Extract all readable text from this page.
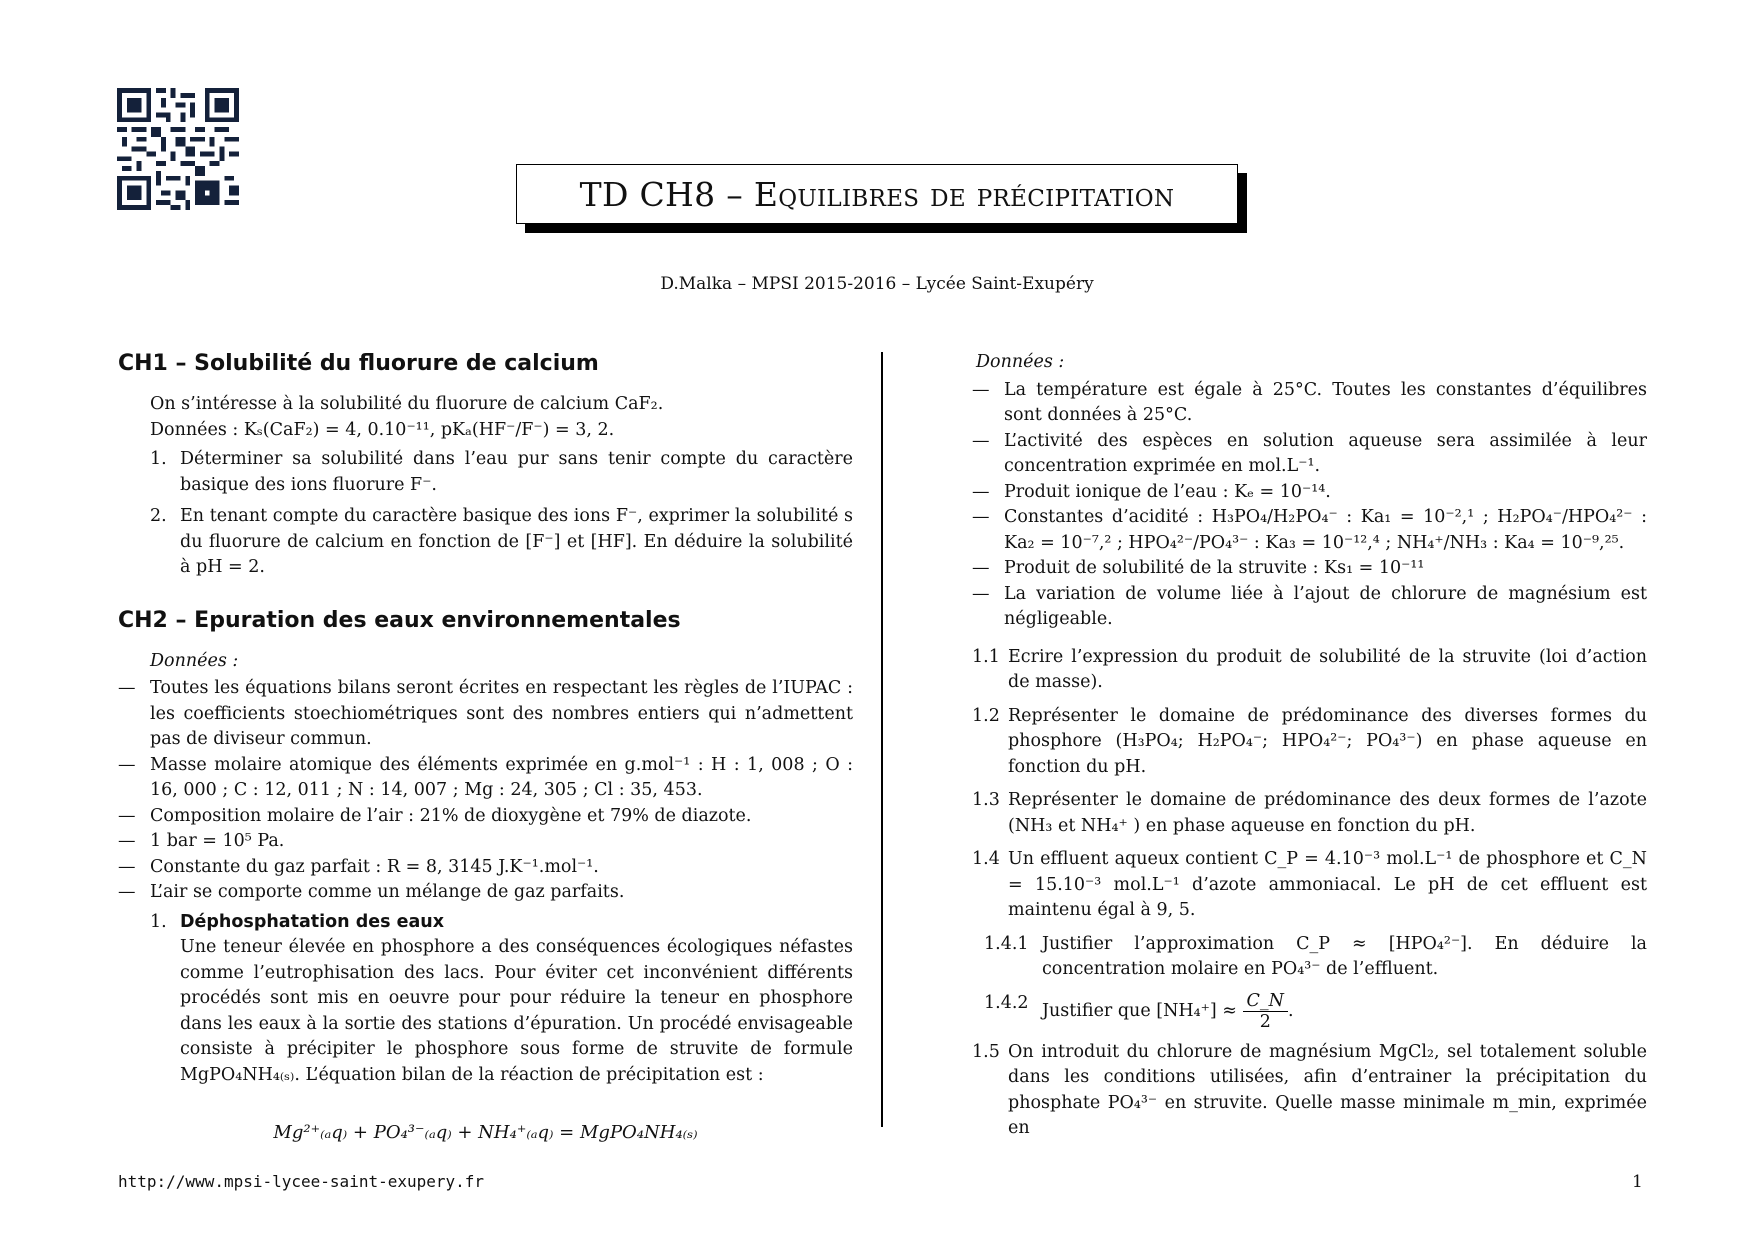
TD CH8 –
Equilibres de précipitation
D.Malka – MPSI 2015-2016 – Lycée Saint-Exupéry
CH1 – Solubilité du fluorure de calcium

On s’intéresse à la solubilité du fluorure de calcium CaF₂.

Données : Kₛ(CaF₂) = 4, 0.10⁻¹¹, pKₐ(HF⁻/F⁻) = 3, 2.

1. Déterminer sa solubilité dans l’eau pur sans tenir compte du caractère basique des ions fluorure F⁻.
2. En tenant compte du caractère basique des ions F⁻, exprimer la solubilité s du fluorure de calcium en fonction de [F⁻] et [HF]. En déduire la solubilité à pH = 2.
CH2 – Epuration des eaux environnementales

Données :

— Toutes les équations bilans seront écrites en respectant les règles de l’IUPAC : les coefficients stoechiométriques sont des nombres entiers qui n’admettent pas de diviseur commun.
— Masse molaire atomique des éléments exprimée en g.mol⁻¹ : H : 1, 008 ; O : 16, 000 ; C : 12, 011 ; N : 14, 007 ; Mg : 24, 305 ; Cl : 35, 453.
— Composition molaire de l’air : 21% de dioxygène et 79% de diazote.
— 1 bar = 10⁵ Pa.
— Constante du gaz parfait : R = 8, 3145 J.K⁻¹.mol⁻¹.
— L’air se comporte comme un mélange de gaz parfaits.
1. Déphosphatation des eaux

Une teneur élevée en phosphore a des conséquences écologiques néfastes comme l’eutrophisation des lacs. Pour éviter cet inconvénient différents procédés sont mis en oeuvre pour pour réduire la teneur en phosphore dans les eaux à la sortie des stations d’épuration. Un procédé envisageable consiste à précipiter le phosphore sous forme de struvite de formule MgPO₄NH₄₍ₛ₎. L’équation bilan de la réaction de précipitation est :

Mg²⁺₍ₐq₎ + PO₄³⁻₍ₐq₎ + NH₄⁺₍ₐq₎ = MgPO₄NH₄₍ₛ₎

Données :

— La température est égale à 25°C. Toutes les constantes d’équilibres sont données à 25°C.
— L’activité des espèces en solution aqueuse sera assimilée à leur concentration exprimée en mol.L⁻¹.
— Produit ionique de l’eau : Kₑ = 10⁻¹⁴.
— Constantes d’acidité : H₃PO₄/H₂PO₄⁻ : Ka₁ = 10⁻²,¹ ; H₂PO₄⁻/HPO₄²⁻ : Ka₂ = 10⁻⁷,² ; HPO₄²⁻/PO₄³⁻ : Ka₃ = 10⁻¹²,⁴ ; NH₄⁺/NH₃ : Ka₄ = 10⁻⁹,²⁵.
— Produit de solubilité de la struvite : Ks₁ = 10⁻¹¹
— La variation de volume liée à l’ajout de chlorure de magnésium est négligeable.
1.1 Ecrire l’expression du produit de solubilité de la struvite (loi d’action de masse).
1.2 Représenter le domaine de prédominance des diverses formes du phosphore (H₃PO₄; H₂PO₄⁻; HPO₄²⁻; PO₄³⁻) en phase aqueuse en fonction du pH.
1.3 Représenter le domaine de prédominance des deux formes de l’azote (NH₃ et NH₄⁺ ) en phase aqueuse en fonction du pH.
1.4 Un effluent aqueux contient C_P = 4.10⁻³ mol.L⁻¹ de phosphore et C_N = 15.10⁻³ mol.L⁻¹ d’azote ammoniacal. Le pH de cet effluent est maintenu égal à 9, 5.
1.4.1 Justifier l’approximation C_P ≈ [HPO₄²⁻]. En déduire la concentration molaire en PO₄³⁻ de l’effluent.
1.4.2 Justifier que $[NH_4^+] \approx \frac{C\_N}{2}$ .
1.5 On introduit du chlorure de magnésium MgCl₂, sel totalement soluble dans les conditions utilisées, afin d’entrainer la précipitation du phosphate PO₄³⁻ en struvite. Quelle masse minimale m_min, exprimée en
http://www.mpsi-lycee-saint-exupery.fr	1
